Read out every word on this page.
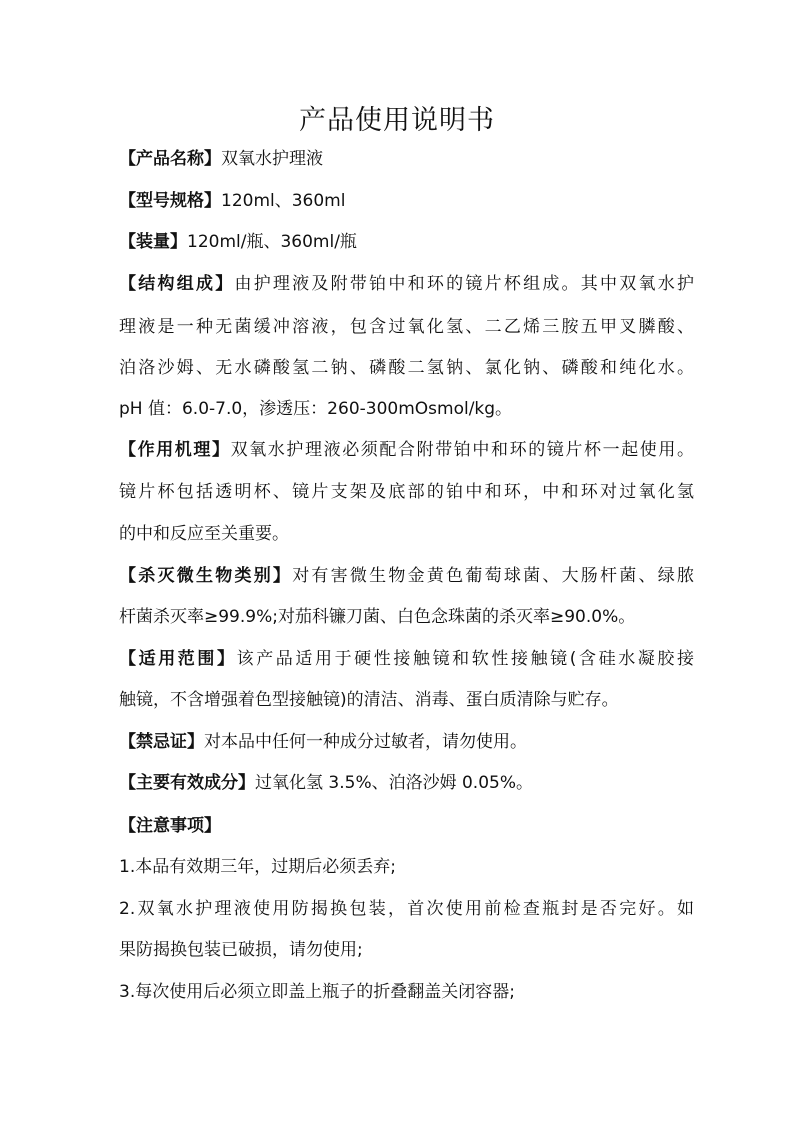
产品使用说明书
【产品名称】双氧水护理液
【型号规格】120ml、360ml
【装量】120ml/瓶、360ml/瓶
【结构组成】由护理液及附带铂中和环的镜片杯组成。其中双氧水护
理液是一种无菌缓冲溶液，包含过氧化氢、二乙烯三胺五甲叉膦酸、
泊洛沙姆、无水磷酸氢二钠、磷酸二氢钠、氯化钠、磷酸和纯化水。
pH 值：6.0-7.0，渗透压：260-300mOsmol/kg。
【作用机理】双氧水护理液必须配合附带铂中和环的镜片杯一起使用。
镜片杯包括透明杯、镜片支架及底部的铂中和环，中和环对过氧化氢
的中和反应至关重要。
【杀灭微生物类别】对有害微生物金黄色葡萄球菌、大肠杆菌、绿脓
杆菌杀灭率≥99.9%;对茄科镰刀菌、白色念珠菌的杀灭率≥90.0%。
【适用范围】该产品适用于硬性接触镜和软性接触镜(含硅水凝胶接
触镜，不含增强着色型接触镜)的清洁、消毒、蛋白质清除与贮存。
【禁忌证】对本品中任何一种成分过敏者，请勿使用。
【主要有效成分】过氧化氢 3.5%、泊洛沙姆 0.05%。
【注意事项】
1.本品有效期三年，过期后必须丢弃;
2.双氧水护理液使用防揭换包装，首次使用前检查瓶封是否完好。如
果防揭换包装已破损，请勿使用;
3.每次使用后必须立即盖上瓶子的折叠翻盖关闭容器;
